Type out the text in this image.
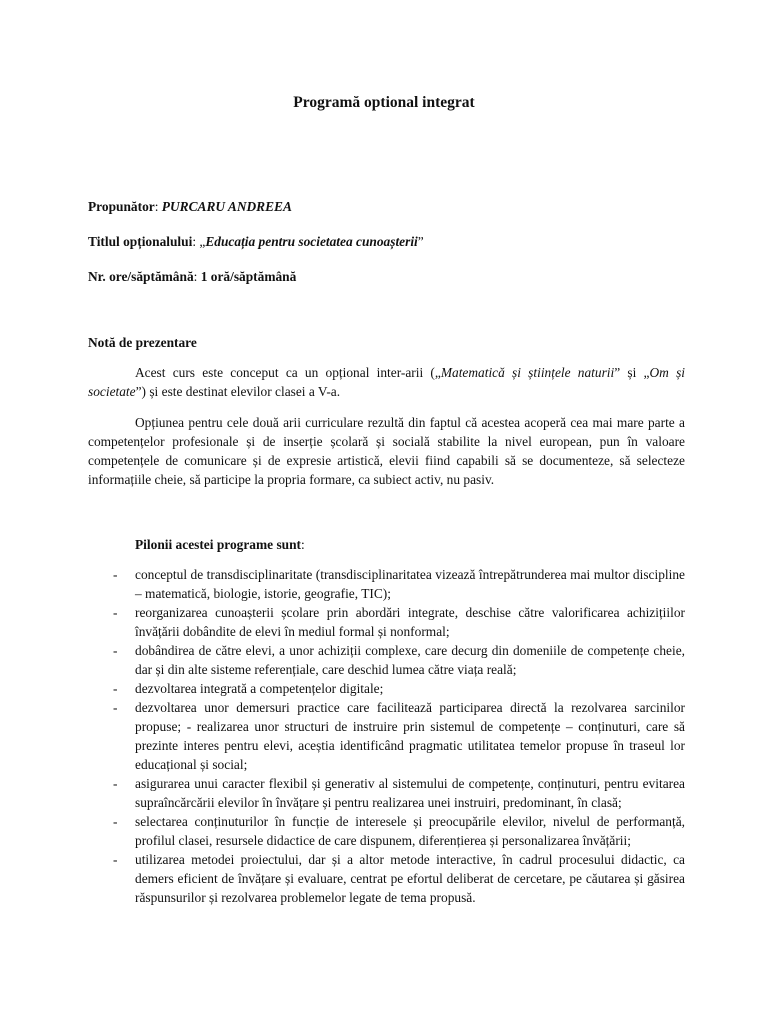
Programă optional integrat
Propunător: PURCARU ANDREEA
Titlul opționalului: „Educația pentru societatea cunoașterii”
Nr. ore/săptămână: 1 oră/săptămână
Notă de prezentare

Acest curs este conceput ca un opțional inter-arii („Matematică și științele naturii” și „Om și societate”) și este destinat elevilor clasei a V-a.

Opțiunea pentru cele două arii curriculare rezultă din faptul că acestea acoperă cea mai mare parte a competențelor profesionale și de inserție școlară și socială stabilite la nivel european, pun în valoare competențele de comunicare și de expresie artistică, elevii fiind capabili să se documenteze, să selecteze informațiile cheie, să participe la propria formare, ca subiect activ, nu pasiv.

Pilonii acestei programe sunt:
- conceptul de transdisciplinaritate (transdisciplinaritatea vizează întrepătrunderea mai multor discipline – matematică, biologie, istorie, geografie, TIC);
- reorganizarea cunoașterii școlare prin abordări integrate, deschise către valorificarea achizițiilor învățării dobândite de elevi în mediul formal și nonformal;
- dobândirea de către elevi, a unor achiziții complexe, care decurg din domeniile de competențe cheie, dar și din alte sisteme referențiale, care deschid lumea către viața reală;
- dezvoltarea integrată a competențelor digitale;
- dezvoltarea unor demersuri practice care facilitează participarea directă la rezolvarea sarcinilor propuse; - realizarea unor structuri de instruire prin sistemul de competențe – conținuturi, care să prezinte interes pentru elevi, aceștia identificând pragmatic utilitatea temelor propuse în traseul lor educațional și social;
- asigurarea unui caracter flexibil și generativ al sistemului de competențe, conținuturi, pentru evitarea supraîncărcării elevilor în învățare și pentru realizarea unei instruiri, predominant, în clasă;
- selectarea conținuturilor în funcție de interesele și preocupările elevilor, nivelul de performanță, profilul clasei, resursele didactice de care dispunem, diferențierea și personalizarea învățării;
- utilizarea metodei proiectului, dar și a altor metode interactive, în cadrul procesului didactic, ca demers eficient de învățare și evaluare, centrat pe efortul deliberat de cercetare, pe căutarea și găsirea răspunsurilor și rezolvarea problemelor legate de tema propusă.
